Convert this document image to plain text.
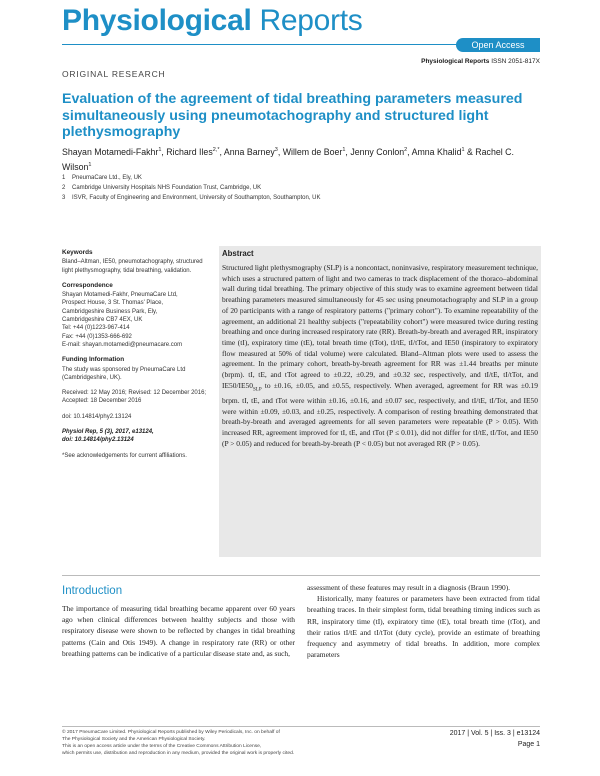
Physiological Reports
Open Access
Physiological Reports ISSN 2051-817X
ORIGINAL RESEARCH
Evaluation of the agreement of tidal breathing parameters measured simultaneously using pneumotachography and structured light plethysmography
Shayan Motamedi-Fakhr$^1$, Richard Iles$^{2,*}$, Anna Barney$^3$, Willem de Boer$^1$, Jenny Conlon$^2$, Amna Khalid$^1$ & Rachel C. Wilson$^1$
1	PneumaCare Ltd., Ely, UK
2	Cambridge University Hospitals NHS Foundation Trust, Cambridge, UK
3	ISVR, Faculty of Engineering and Environment, University of Southampton, Southampton, UK
Keywords
Bland–Altman, IE50, pneumotachography, structured light plethysmography, tidal breathing, validation.
Correspondence
Shayan Motamedi-Fakhr, PneumaCare Ltd,
Prospect House, 3 St. Thomas' Place,
Cambridgeshire Business Park, Ely,
Cambridgeshire CB7 4EX, UK
Tel: +44 (0)1223-967-414
Fax: +44 (0)1353-666-692
E-mail: shayan.motamedi@pneumacare.com
Funding Information
The study was sponsored by PneumaCare Ltd (Cambridgeshire, UK).
Received: 12 May 2016; Revised: 12 December 2016; Accepted: 18 December 2016
doi: 10.14814/phy2.13124
Physiol Rep, 5 (3), 2017, e13124,
doi: 10.14814/phy2.13124
*See acknowledgements for current affiliations.
Abstract
Structured light plethysmography (SLP) is a noncontact, noninvasive, respiratory measurement technique, which uses a structured pattern of light and two cameras to track displacement of the thoraco–abdominal wall during tidal breathing. The primary objective of this study was to examine agreement between tidal breathing parameters measured simultaneously for 45 sec using pneumotachography and SLP in a group of 20 participants with a range of respiratory patterns ("primary cohort"). To examine repeatability of the agreement, an additional 21 healthy subjects ("repeatability cohort") were measured twice during resting breathing and once during increased respiratory rate (RR). Breath-by-breath and averaged RR, inspiratory time (tI), expiratory time (tE), total breath time (tTot), tI/tE, tI/tTot, and IE50 (inspiratory to expiratory flow measured at 50% of tidal volume) were calculated. Bland–Altman plots were used to assess the agreement. In the primary cohort, breath-by-breath agreement for RR was ±1.44 breaths per minute (brpm). tI, tE, and tTot agreed to ±0.22, ±0.29, and ±0.32 sec, respectively, and tI/tE, tI/tTot, and $IE50/IE50_{SLP}$ to ±0.16, ±0.05, and ±0.55, respectively. When averaged, agreement for RR was ±0.19 brpm. tI, tE, and tTot were within ±0.16, ±0.16, and ±0.07 sec, respectively, and tI/tE, tI/Tot, and IE50 were within ±0.09, ±0.03, and ±0.25, respectively. A comparison of resting breathing demonstrated that breath-by-breath and averaged agreements for all seven parameters were repeatable (P > 0.05). With increased RR, agreement improved for tI, tE, and tTot (P ≤ 0.01), did not differ for tI/tE, tI/Tot, and IE50 (P > 0.05) and reduced for breath-by-breath (P < 0.05) but not averaged RR (P > 0.05).
Introduction

The importance of measuring tidal breathing became apparent over 60 years ago when clinical differences between healthy subjects and those with respiratory disease were shown to be reflected by changes in tidal breathing patterns (Cain and Otis 1949). A change in respiratory rate (RR) or other breathing patterns can be indicative of a particular disease state and, as such,

assessment of these features may result in a diagnosis (Braun 1990).

Historically, many features or parameters have been extracted from tidal breathing traces. In their simplest form, tidal breathing timing indices such as RR, inspiratory time (tI), expiratory time (tE), total breath time (tTot), and their ratios tI/tE and tI/tTot (duty cycle), provide an estimate of breathing frequency and asymmetry of tidal breaths. In addition, more complex parameters

© 2017 PneumaCare Limited. Physiological Reports published by Wiley Periodicals, Inc. on behalf of
The Physiological Society and the American Physiological Society.
This is an open access article under the terms of the Creative Commons Attribution License,
which permits use, distribution and reproduction in any medium, provided the original work is properly cited.
2017 | Vol. 5 | Iss. 3 | e13124
Page 1
